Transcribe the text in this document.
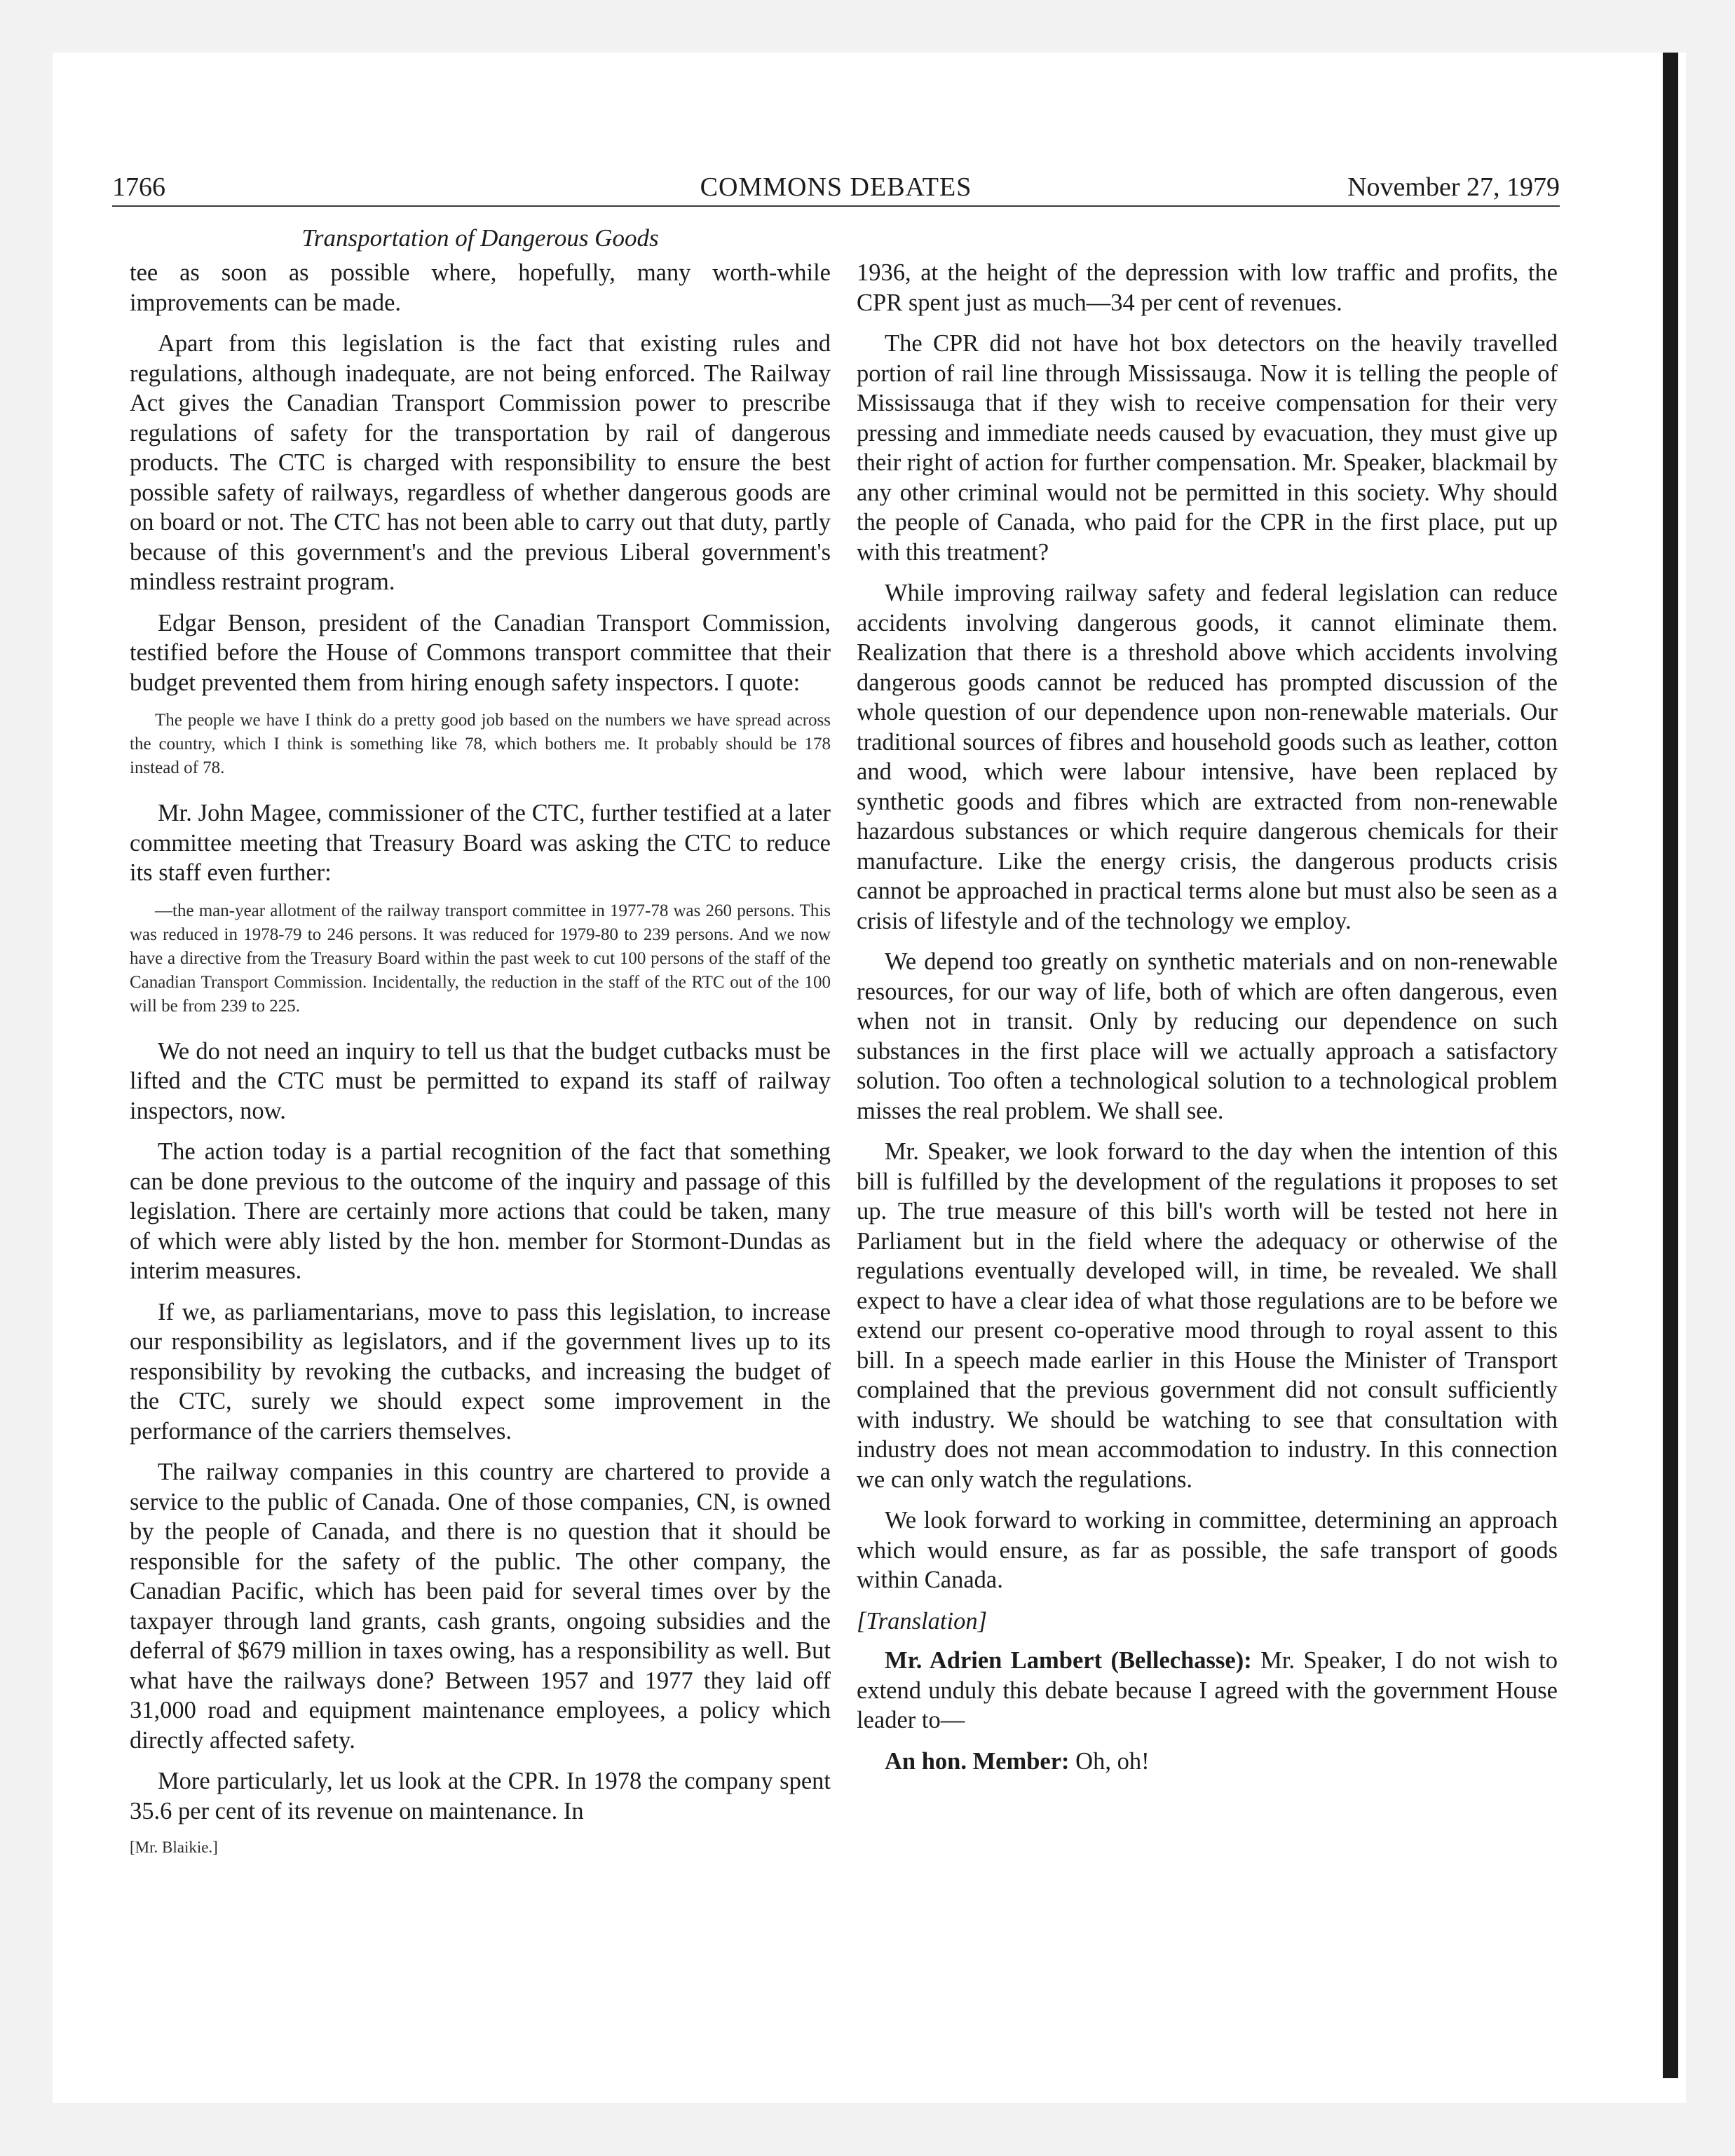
1766	COMMONS DEBATES	November 27, 1979
Transportation of Dangerous Goods

tee as soon as possible where, hopefully, many worth-while improvements can be made.

Apart from this legislation is the fact that existing rules and regulations, although inadequate, are not being enforced. The Railway Act gives the Canadian Transport Commission power to prescribe regulations of safety for the transportation by rail of dangerous products. The CTC is charged with responsibility to ensure the best possible safety of railways, regardless of whether dangerous goods are on board or not. The CTC has not been able to carry out that duty, partly because of this government's and the previous Liberal government's mindless restraint program.

Edgar Benson, president of the Canadian Transport Commission, testified before the House of Commons transport committee that their budget prevented them from hiring enough safety inspectors. I quote:

The people we have I think do a pretty good job based on the numbers we have spread across the country, which I think is something like 78, which bothers me. It probably should be 178 instead of 78.

Mr. John Magee, commissioner of the CTC, further testified at a later committee meeting that Treasury Board was asking the CTC to reduce its staff even further:

—the man-year allotment of the railway transport committee in 1977-78 was 260 persons. This was reduced in 1978-79 to 246 persons. It was reduced for 1979-80 to 239 persons. And we now have a directive from the Treasury Board within the past week to cut 100 persons of the staff of the Canadian Transport Commission. Incidentally, the reduction in the staff of the RTC out of the 100 will be from 239 to 225.

We do not need an inquiry to tell us that the budget cutbacks must be lifted and the CTC must be permitted to expand its staff of railway inspectors, now.

The action today is a partial recognition of the fact that something can be done previous to the outcome of the inquiry and passage of this legislation. There are certainly more actions that could be taken, many of which were ably listed by the hon. member for Stormont-Dundas as interim measures.

If we, as parliamentarians, move to pass this legislation, to increase our responsibility as legislators, and if the government lives up to its responsibility by revoking the cutbacks, and increasing the budget of the CTC, surely we should expect some improvement in the performance of the carriers themselves.

The railway companies in this country are chartered to provide a service to the public of Canada. One of those companies, CN, is owned by the people of Canada, and there is no question that it should be responsible for the safety of the public. The other company, the Canadian Pacific, which has been paid for several times over by the taxpayer through land grants, cash grants, ongoing subsidies and the deferral of $679 million in taxes owing, has a responsibility as well. But what have the railways done? Between 1957 and 1977 they laid off 31,000 road and equipment maintenance employees, a policy which directly affected safety.

More particularly, let us look at the CPR. In 1978 the company spent 35.6 per cent of its revenue on maintenance. In

[Mr. Blaikie.]

1936, at the height of the depression with low traffic and profits, the CPR spent just as much—34 per cent of revenues.

The CPR did not have hot box detectors on the heavily travelled portion of rail line through Mississauga. Now it is telling the people of Mississauga that if they wish to receive compensation for their very pressing and immediate needs caused by evacuation, they must give up their right of action for further compensation. Mr. Speaker, blackmail by any other criminal would not be permitted in this society. Why should the people of Canada, who paid for the CPR in the first place, put up with this treatment?

While improving railway safety and federal legislation can reduce accidents involving dangerous goods, it cannot eliminate them. Realization that there is a threshold above which accidents involving dangerous goods cannot be reduced has prompted discussion of the whole question of our dependence upon non-renewable materials. Our traditional sources of fibres and household goods such as leather, cotton and wood, which were labour intensive, have been replaced by synthetic goods and fibres which are extracted from non-renewable hazardous substances or which require dangerous chemicals for their manufacture. Like the energy crisis, the dangerous products crisis cannot be approached in practical terms alone but must also be seen as a crisis of lifestyle and of the technology we employ.

We depend too greatly on synthetic materials and on non-renewable resources, for our way of life, both of which are often dangerous, even when not in transit. Only by reducing our dependence on such substances in the first place will we actually approach a satisfactory solution. Too often a technological solution to a technological problem misses the real problem. We shall see.

Mr. Speaker, we look forward to the day when the intention of this bill is fulfilled by the development of the regulations it proposes to set up. The true measure of this bill's worth will be tested not here in Parliament but in the field where the adequacy or otherwise of the regulations eventually developed will, in time, be revealed. We shall expect to have a clear idea of what those regulations are to be before we extend our present co-operative mood through to royal assent to this bill. In a speech made earlier in this House the Minister of Transport complained that the previous government did not consult sufficiently with industry. We should be watching to see that consultation with industry does not mean accommodation to industry. In this connection we can only watch the regulations.

We look forward to working in committee, determining an approach which would ensure, as far as possible, the safe transport of goods within Canada.

[Translation]

Mr. Adrien Lambert (Bellechasse): Mr. Speaker, I do not wish to extend unduly this debate because I agreed with the government House leader to—

An hon. Member: Oh, oh!
